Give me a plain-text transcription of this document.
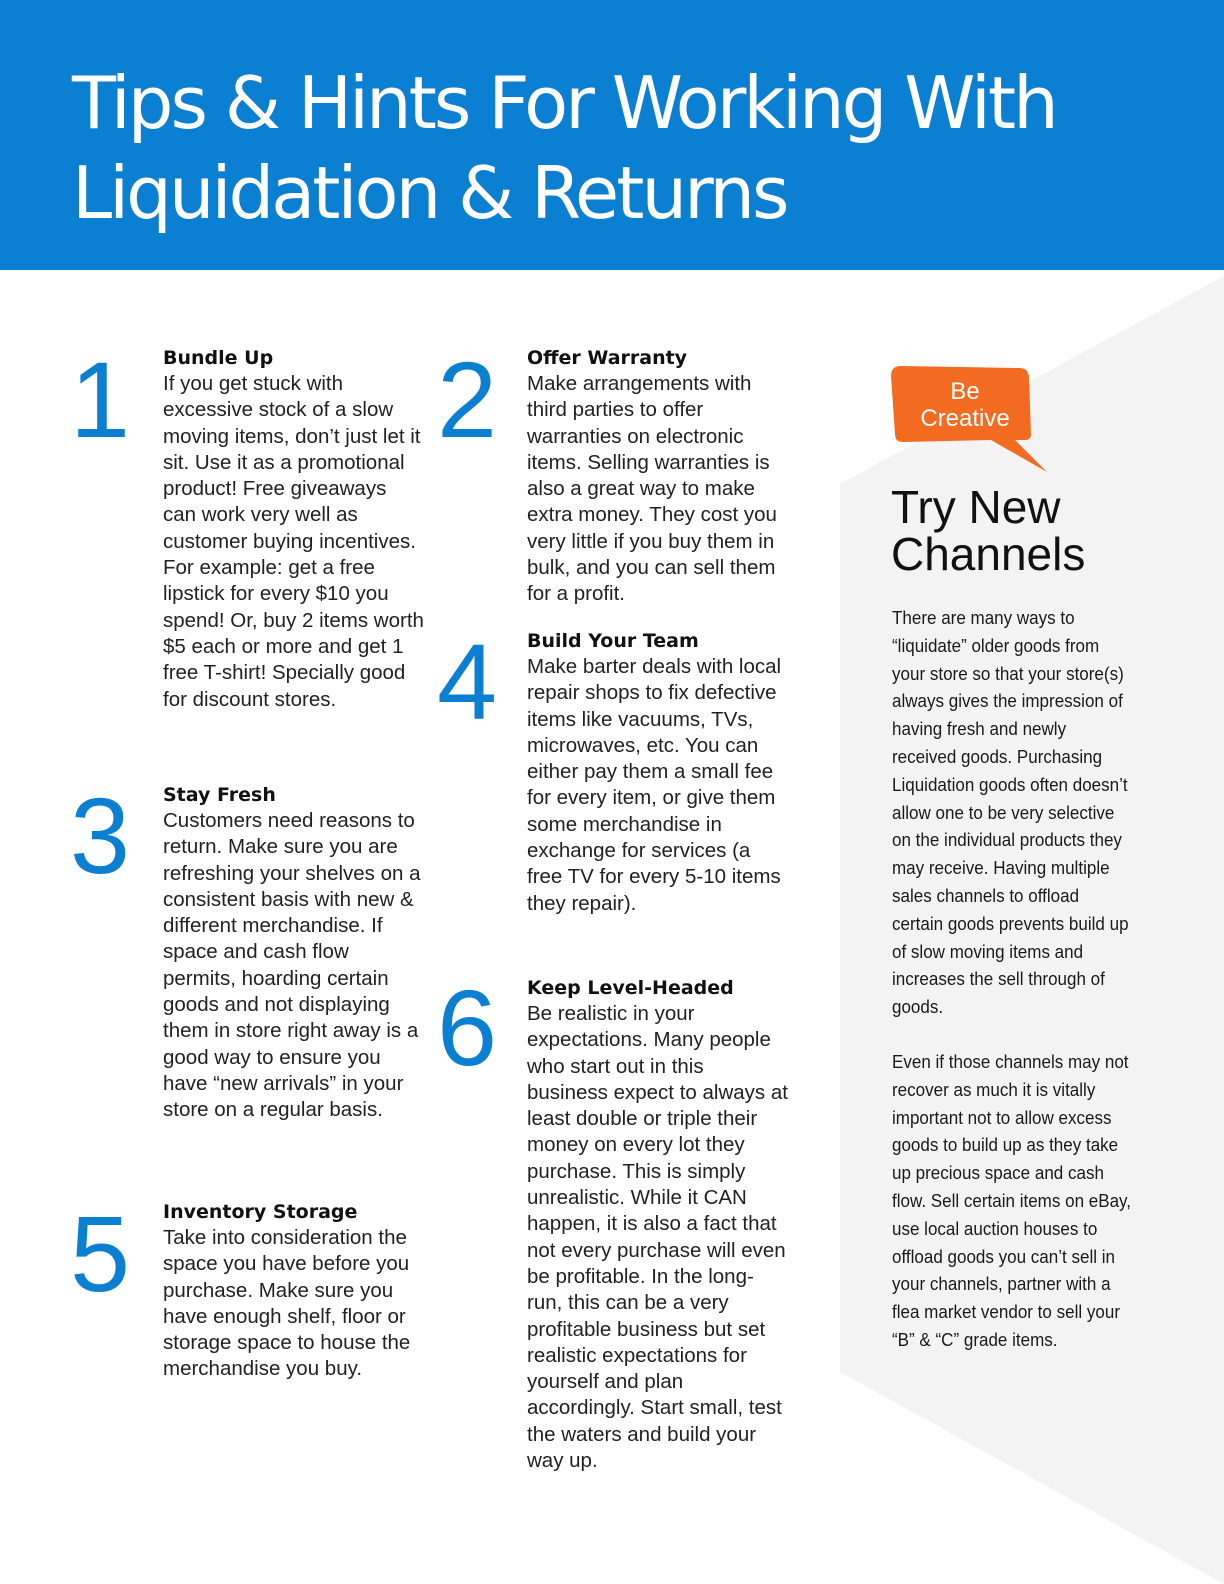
Tips & Hints For Working With
Liquidation & Returns
1 Bundle Up
If you get stuck with excessive stock of a slow moving items, don’t just let it sit. Use it as a promotional product! Free giveaways can work very well as customer buying incentives. For example: get a free lipstick for every $10 you spend! Or, buy 2 items worth $5 each or more and get 1 free T-shirt! Specially good for discount stores.
2 Offer Warranty
Make arrangements with third parties to offer warranties on electronic items. Selling warranties is also a great way to make extra money. They cost you very little if you buy them in bulk, and you can sell them for a profit.
3 Stay Fresh
Customers need reasons to return. Make sure you are refreshing your shelves on a consistent basis with new & different merchandise. If space and cash flow permits, hoarding certain goods and not displaying them in store right away is a good way to ensure you have “new arrivals” in your store on a regular basis.
4 Build Your Team
Make barter deals with local repair shops to fix defective items like vacuums, TVs, microwaves, etc. You can either pay them a small fee for every item, or give them some merchandise in exchange for services (a free TV for every 5-10 items they repair).
5 Inventory Storage
Take into consideration the space you have before you purchase. Make sure you have enough shelf, floor or storage space to house the merchandise you buy.
6 Keep Level-Headed
Be realistic in your expectations. Many people who start out in this business expect to always at least double or triple their money on every lot they purchase. This is simply unrealistic. While it CAN happen, it is also a fact that not every purchase will even be profitable. In the long-run, this can be a very profitable business but set realistic expectations for yourself and plan accordingly. Start small, test the waters and build your way up.
Be
Creative
Try New
Channels

There are many ways to “liquidate” older goods from your store so that your store(s) always gives the impression of having fresh and newly received goods. Purchasing Liquidation goods often doesn’t allow one to be very selective on the individual products they may receive. Having multiple sales channels to offload certain goods prevents build up of slow moving items and increases the sell through of goods.

Even if those channels may not recover as much it is vitally important not to allow excess goods to build up as they take up precious space and cash flow. Sell certain items on eBay, use local auction houses to offload goods you can’t sell in your channels, partner with a flea market vendor to sell your “B” & “C” grade items.
